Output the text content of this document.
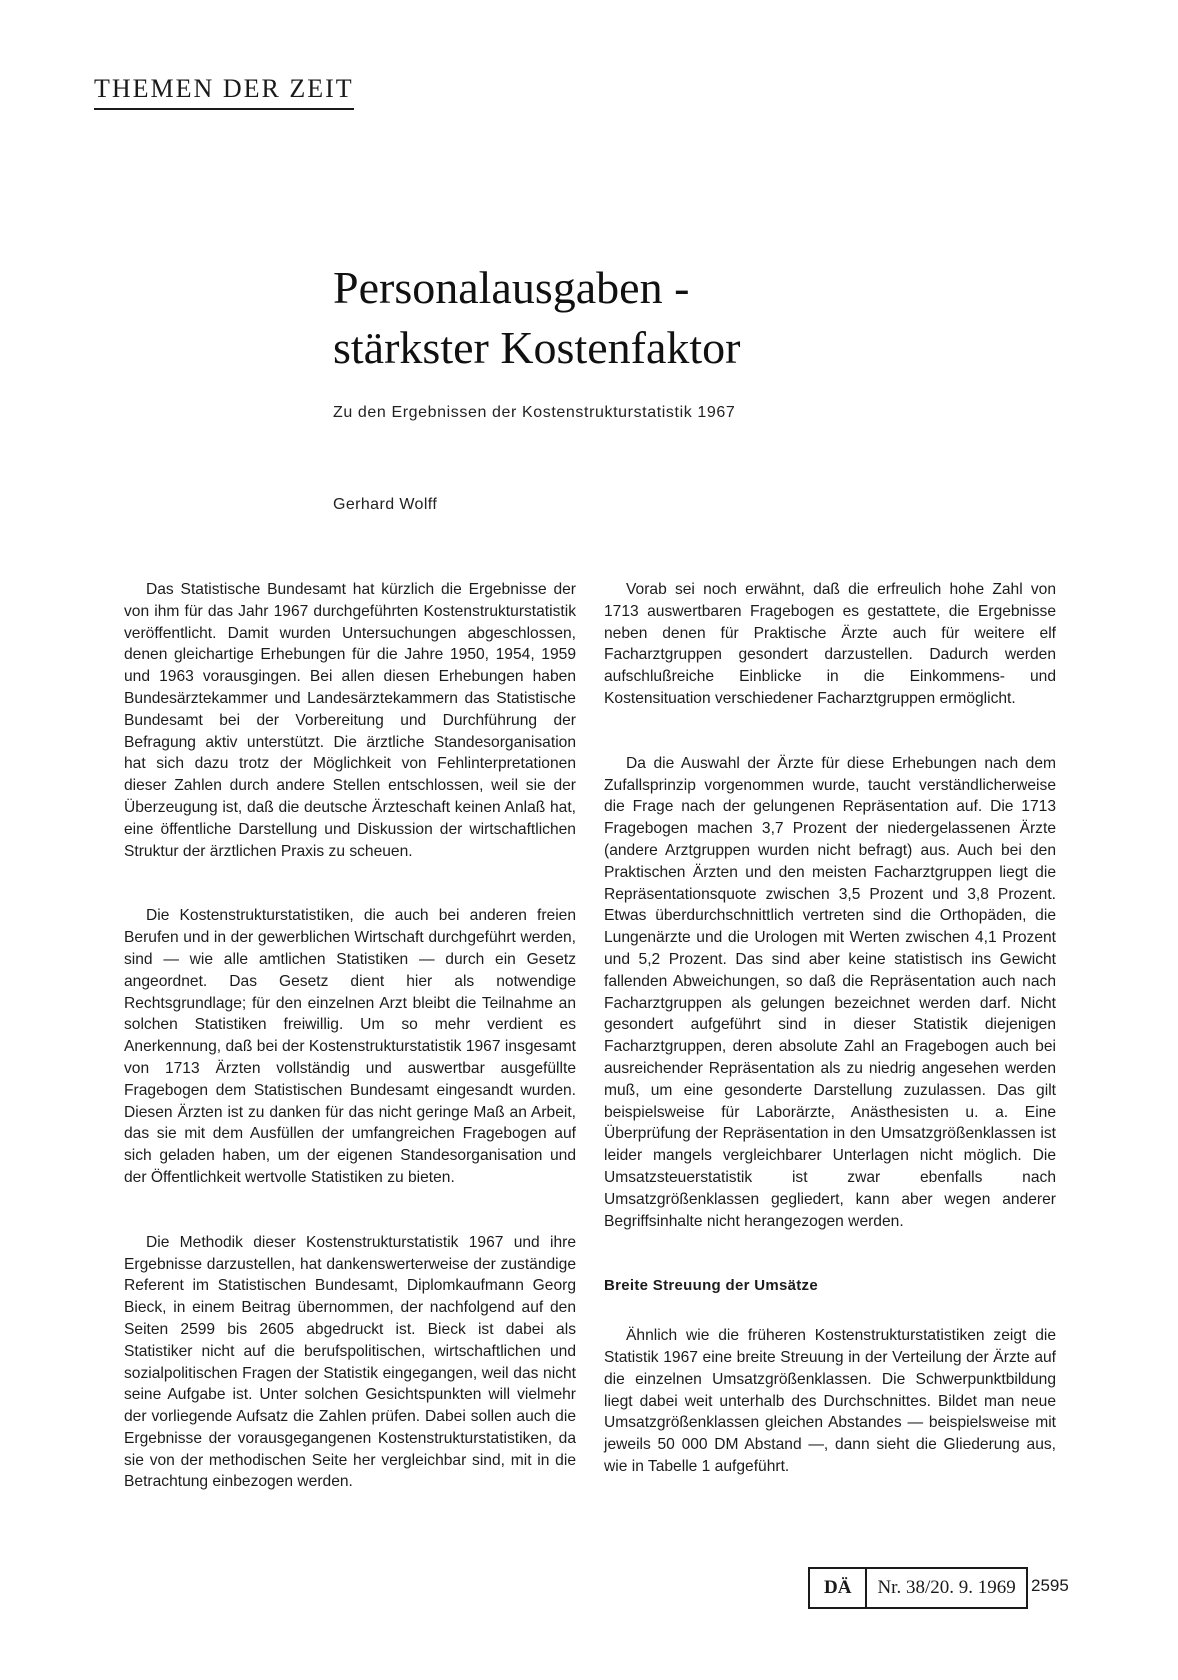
THEMEN DER ZEIT
Personalausgaben -
stärkster Kostenfaktor
Zu den Ergebnissen der Kostenstrukturstatistik 1967
Gerhard Wolff

Das Statistische Bundesamt hat kürzlich die Ergebnisse der von ihm für das Jahr 1967 durchgeführten Kostenstrukturstatistik veröffentlicht. Damit wurden Untersuchungen abgeschlossen, denen gleichartige Erhebungen für die Jahre 1950, 1954, 1959 und 1963 vorausgingen. Bei allen diesen Erhebungen haben Bundesärztekammer und Landesärztekammern das Statistische Bundesamt bei der Vorbereitung und Durchführung der Befragung aktiv unterstützt. Die ärztliche Standesorganisation hat sich dazu trotz der Möglichkeit von Fehlinterpretationen dieser Zahlen durch andere Stellen entschlossen, weil sie der Überzeugung ist, daß die deutsche Ärzteschaft keinen Anlaß hat, eine öffentliche Darstellung und Diskussion der wirtschaftlichen Struktur der ärztlichen Praxis zu scheuen.

Die Kostenstrukturstatistiken, die auch bei anderen freien Berufen und in der gewerblichen Wirtschaft durchgeführt werden, sind — wie alle amtlichen Statistiken — durch ein Gesetz angeordnet. Das Gesetz dient hier als notwendige Rechtsgrundlage; für den einzelnen Arzt bleibt die Teilnahme an solchen Statistiken freiwillig. Um so mehr verdient es Anerkennung, daß bei der Kostenstrukturstatistik 1967 insgesamt von 1713 Ärzten vollständig und auswertbar ausgefüllte Fragebogen dem Statistischen Bundesamt eingesandt wurden. Diesen Ärzten ist zu danken für das nicht geringe Maß an Arbeit, das sie mit dem Ausfüllen der umfangreichen Fragebogen auf sich geladen haben, um der eigenen Standesorganisation und der Öffentlichkeit wertvolle Statistiken zu bieten.

Die Methodik dieser Kostenstrukturstatistik 1967 und ihre Ergebnisse darzustellen, hat dankenswerterweise der zuständige Referent im Statistischen Bundesamt, Diplomkaufmann Georg Bieck, in einem Beitrag übernommen, der nachfolgend auf den Seiten 2599 bis 2605 abgedruckt ist. Bieck ist dabei als Statistiker nicht auf die berufspolitischen, wirtschaftlichen und sozialpolitischen Fragen der Statistik eingegangen, weil das nicht seine Aufgabe ist. Unter solchen Gesichtspunkten will vielmehr der vorliegende Aufsatz die Zahlen prüfen. Dabei sollen auch die Ergebnisse der vorausgegangenen Kostenstrukturstatistiken, da sie von der methodischen Seite her vergleichbar sind, mit in die Betrachtung einbezogen werden.

Vorab sei noch erwähnt, daß die erfreulich hohe Zahl von 1713 auswertbaren Fragebogen es gestattete, die Ergebnisse neben denen für Praktische Ärzte auch für weitere elf Facharztgruppen gesondert darzustellen. Dadurch werden aufschlußreiche Einblicke in die Einkommens- und Kostensituation verschiedener Facharztgruppen ermöglicht.

Da die Auswahl der Ärzte für diese Erhebungen nach dem Zufallsprinzip vorgenommen wurde, taucht verständlicherweise die Frage nach der gelungenen Repräsentation auf. Die 1713 Fragebogen machen 3,7 Prozent der niedergelassenen Ärzte (andere Arztgruppen wurden nicht befragt) aus. Auch bei den Praktischen Ärzten und den meisten Facharztgruppen liegt die Repräsentationsquote zwischen 3,5 Prozent und 3,8 Prozent. Etwas überdurchschnittlich vertreten sind die Orthopäden, die Lungenärzte und die Urologen mit Werten zwischen 4,1 Prozent und 5,2 Prozent. Das sind aber keine statistisch ins Gewicht fallenden Abweichungen, so daß die Repräsentation auch nach Facharztgruppen als gelungen bezeichnet werden darf. Nicht gesondert aufgeführt sind in dieser Statistik diejenigen Facharztgruppen, deren absolute Zahl an Fragebogen auch bei ausreichender Repräsentation als zu niedrig angesehen werden muß, um eine gesonderte Darstellung zuzulassen. Das gilt beispielsweise für Laborärzte, Anästhesisten u. a. Eine Überprüfung der Repräsentation in den Umsatzgrößenklassen ist leider mangels vergleichbarer Unterlagen nicht möglich. Die Umsatzsteuerstatistik ist zwar ebenfalls nach Umsatzgrößenklassen gegliedert, kann aber wegen anderer Begriffsinhalte nicht herangezogen werden.

Breite Streuung der Umsätze

Ähnlich wie die früheren Kostenstrukturstatistiken zeigt die Statistik 1967 eine breite Streuung in der Verteilung der Ärzte auf die einzelnen Umsatzgrößenklassen. Die Schwerpunktbildung liegt dabei weit unterhalb des Durchschnittes. Bildet man neue Umsatzgrößenklassen gleichen Abstandes — beispielsweise mit jeweils 50 000 DM Abstand —, dann sieht die Gliederung aus, wie in Tabelle 1 aufgeführt.

DÄ	Nr. 38/20. 9. 1969 2595
